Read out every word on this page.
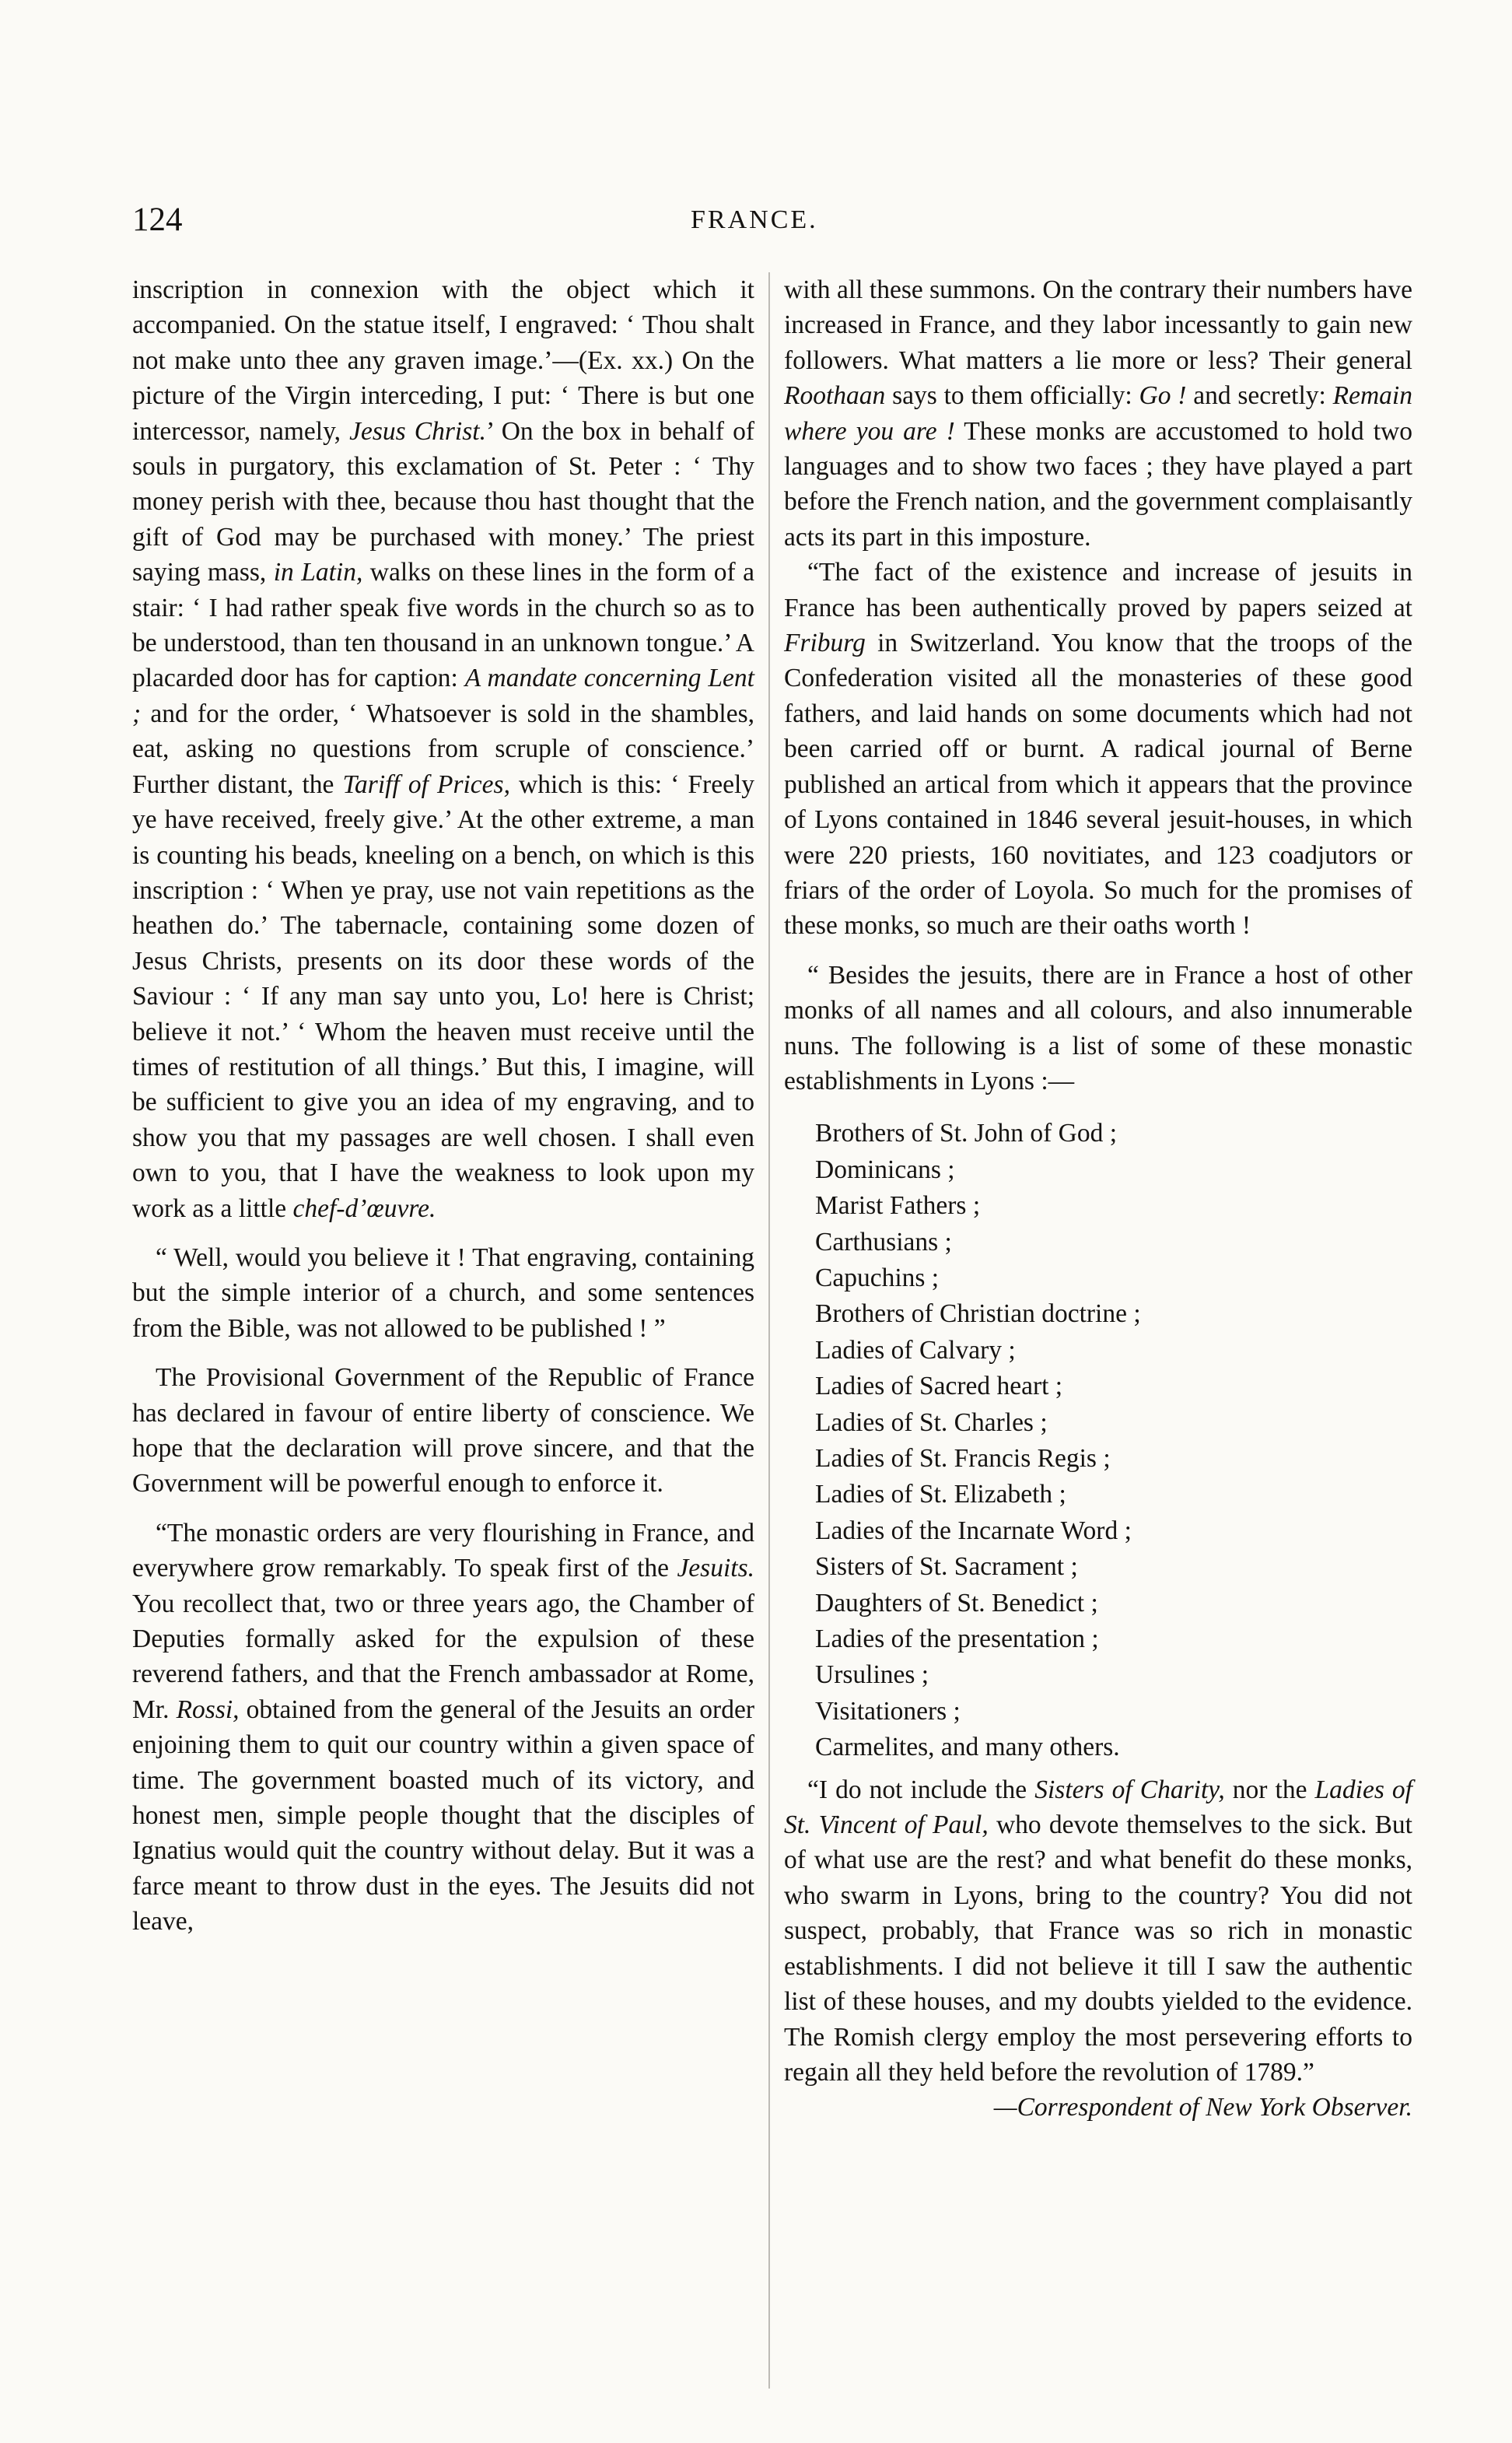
124	FRANCE.

inscription in connexion with the object which it accompanied. On the statue itself, I engraved: ‘ Thou shalt not make unto thee any graven image.’—(Ex. xx.) On the picture of the Virgin interceding, I put: ‘ There is but one intercessor, namely, Jesus Christ.’ On the box in behalf of souls in purgatory, this exclamation of St. Peter : ‘ Thy money perish with thee, because thou hast thought that the gift of God may be purchased with money.’ The priest saying mass, in Latin, walks on these lines in the form of a stair: ‘ I had rather speak five words in the church so as to be understood, than ten thousand in an unknown tongue.’ A placarded door has for caption: A mandate concerning Lent ; and for the order, ‘ Whatsoever is sold in the shambles, eat, asking no questions from scruple of conscience.’ Further distant, the Tariff of Prices, which is this: ‘ Freely ye have received, freely give.’ At the other extreme, a man is counting his beads, kneeling on a bench, on which is this inscription : ‘ When ye pray, use not vain repetitions as the heathen do.’ The tabernacle, containing some dozen of Jesus Christs, presents on its door these words of the Saviour : ‘ If any man say unto you, Lo! here is Christ; believe it not.’ ‘ Whom the heaven must receive until the times of restitution of all things.’ But this, I imagine, will be sufficient to give you an idea of my engraving, and to show you that my passages are well chosen. I shall even own to you, that I have the weakness to look upon my work as a little chef-d’œuvre.

“ Well, would you believe it ! That engraving, containing but the simple interior of a church, and some sentences from the Bible, was not allowed to be published ! ”

The Provisional Government of the Republic of France has declared in favour of entire liberty of conscience. We hope that the declaration will prove sincere, and that the Government will be powerful enough to enforce it.

“The monastic orders are very flourishing in France, and everywhere grow remarkably. To speak first of the Jesuits. You recollect that, two or three years ago, the Chamber of Deputies formally asked for the expulsion of these reverend fathers, and that the French ambassador at Rome, Mr. Rossi, obtained from the general of the Jesuits an order enjoining them to quit our country within a given space of time. The government boasted much of its victory, and honest men, simple people thought that the disciples of Ignatius would quit the country without delay. But it was a farce meant to throw dust in the eyes. The Jesuits did not leave,

with all these summons. On the contrary their numbers have increased in France, and they labor incessantly to gain new followers. What matters a lie more or less? Their general Roothaan says to them officially: Go ! and secretly: Remain where you are ! These monks are accustomed to hold two languages and to show two faces ; they have played a part before the French nation, and the government complaisantly acts its part in this imposture.

“The fact of the existence and increase of jesuits in France has been authentically proved by papers seized at Friburg in Switzerland. You know that the troops of the Confederation visited all the monasteries of these good fathers, and laid hands on some documents which had not been carried off or burnt. A radical journal of Berne published an artical from which it appears that the province of Lyons contained in 1846 several jesuit-houses, in which were 220 priests, 160 novitiates, and 123 coadjutors or friars of the order of Loyola. So much for the promises of these monks, so much are their oaths worth !

“ Besides the jesuits, there are in France a host of other monks of all names and all colours, and also innumerable nuns. The following is a list of some of these monastic establishments in Lyons :—

Brothers of St. John of God ;
Dominicans ;
Marist Fathers ;
Carthusians ;
Capuchins ;
Brothers of Christian doctrine ;
Ladies of Calvary ;
Ladies of Sacred heart ;
Ladies of St. Charles ;
Ladies of St. Francis Regis ;
Ladies of St. Elizabeth ;
Ladies of the Incarnate Word ;
Sisters of St. Sacrament ;
Daughters of St. Benedict ;
Ladies of the presentation ;
Ursulines ;
Visitationers ;
Carmelites, and many others.

“I do not include the Sisters of Charity, nor the Ladies of St. Vincent of Paul, who devote themselves to the sick. But of what use are the rest? and what benefit do these monks, who swarm in Lyons, bring to the country? You did not suspect, probably, that France was so rich in monastic establishments. I did not believe it till I saw the authentic list of these houses, and my doubts yielded to the evidence. The Romish clergy employ the most persevering efforts to regain all they held before the revolution of 1789.”

—Correspondent of New York Observer.
